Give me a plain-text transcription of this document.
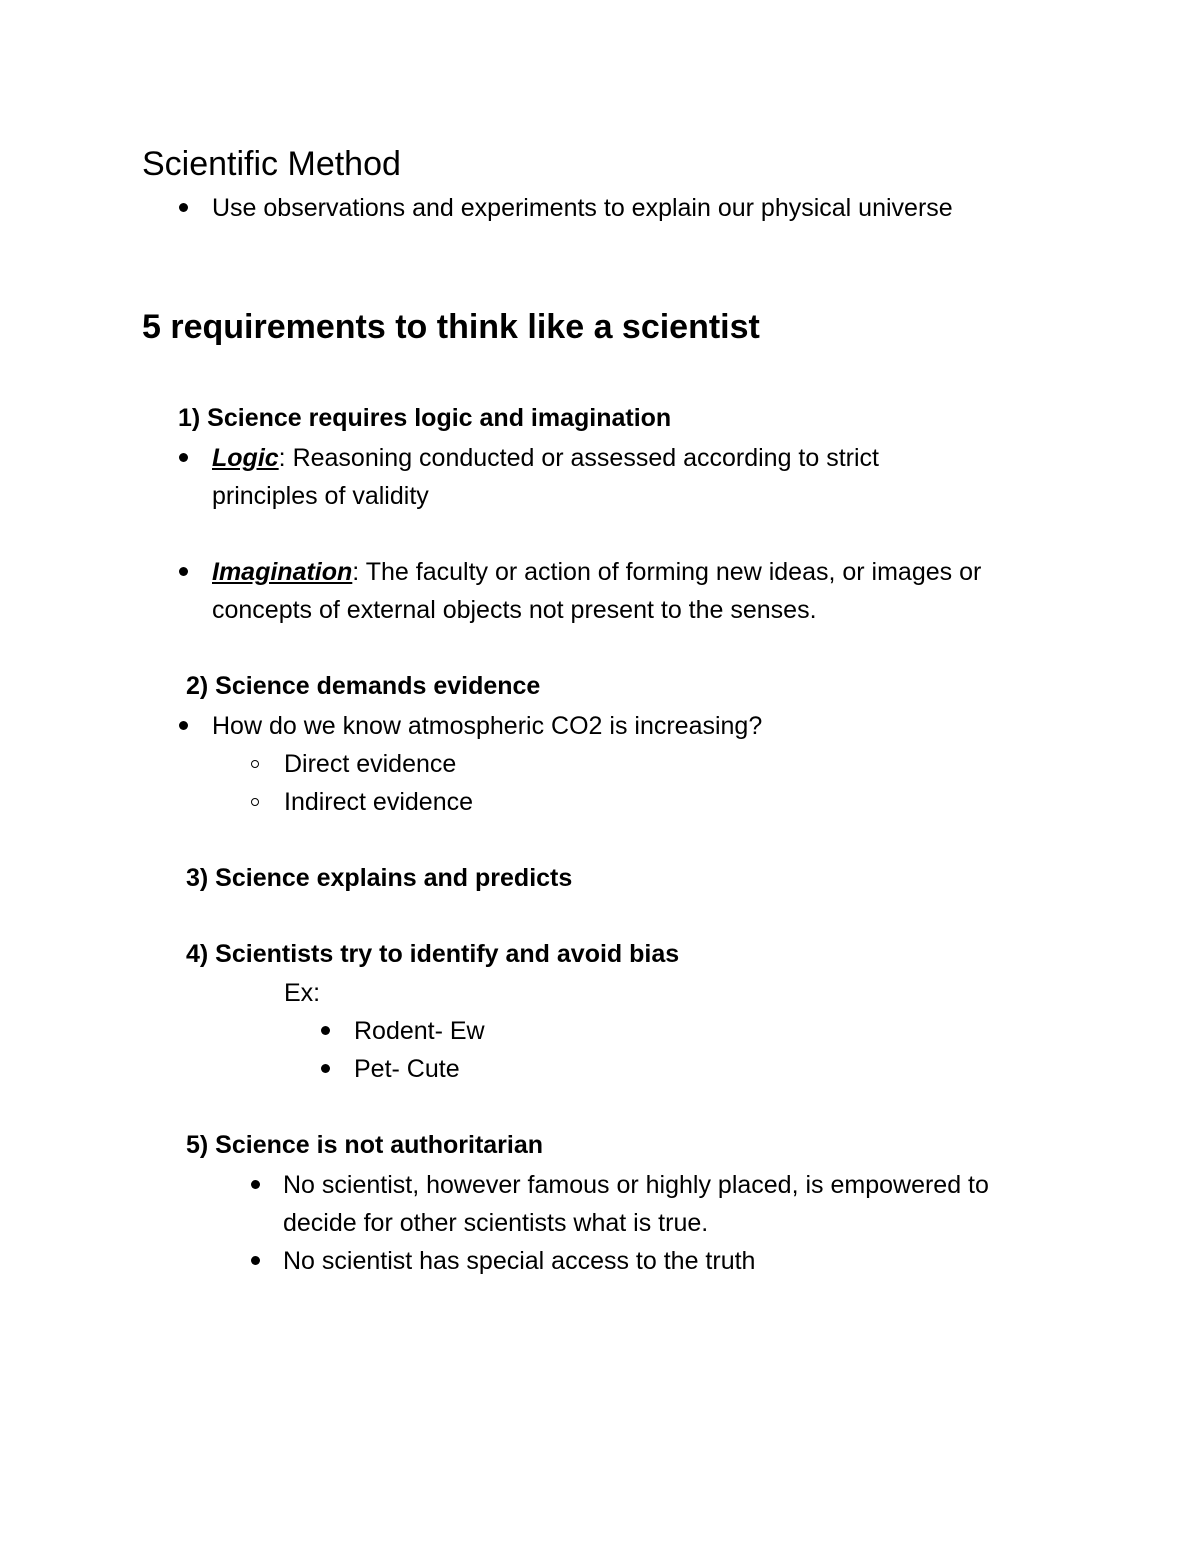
Scientific Method
Use observations and experiments to explain our physical universe
5 requirements to think like a scientist
1) Science requires logic and imagination
Logic: Reasoning conducted or assessed according to strict
principles of validity
Imagination: The faculty or action of forming new ideas, or images or
concepts of external objects not present to the senses.
2) Science demands evidence
How do we know atmospheric CO2 is increasing?
Direct evidence
Indirect evidence
3) Science explains and predicts
4) Scientists try to identify and avoid bias
Ex:
Rodent- Ew
Pet- Cute
5) Science is not authoritarian
No scientist, however famous or highly placed, is empowered to
decide for other scientists what is true.
No scientist has special access to the truth
